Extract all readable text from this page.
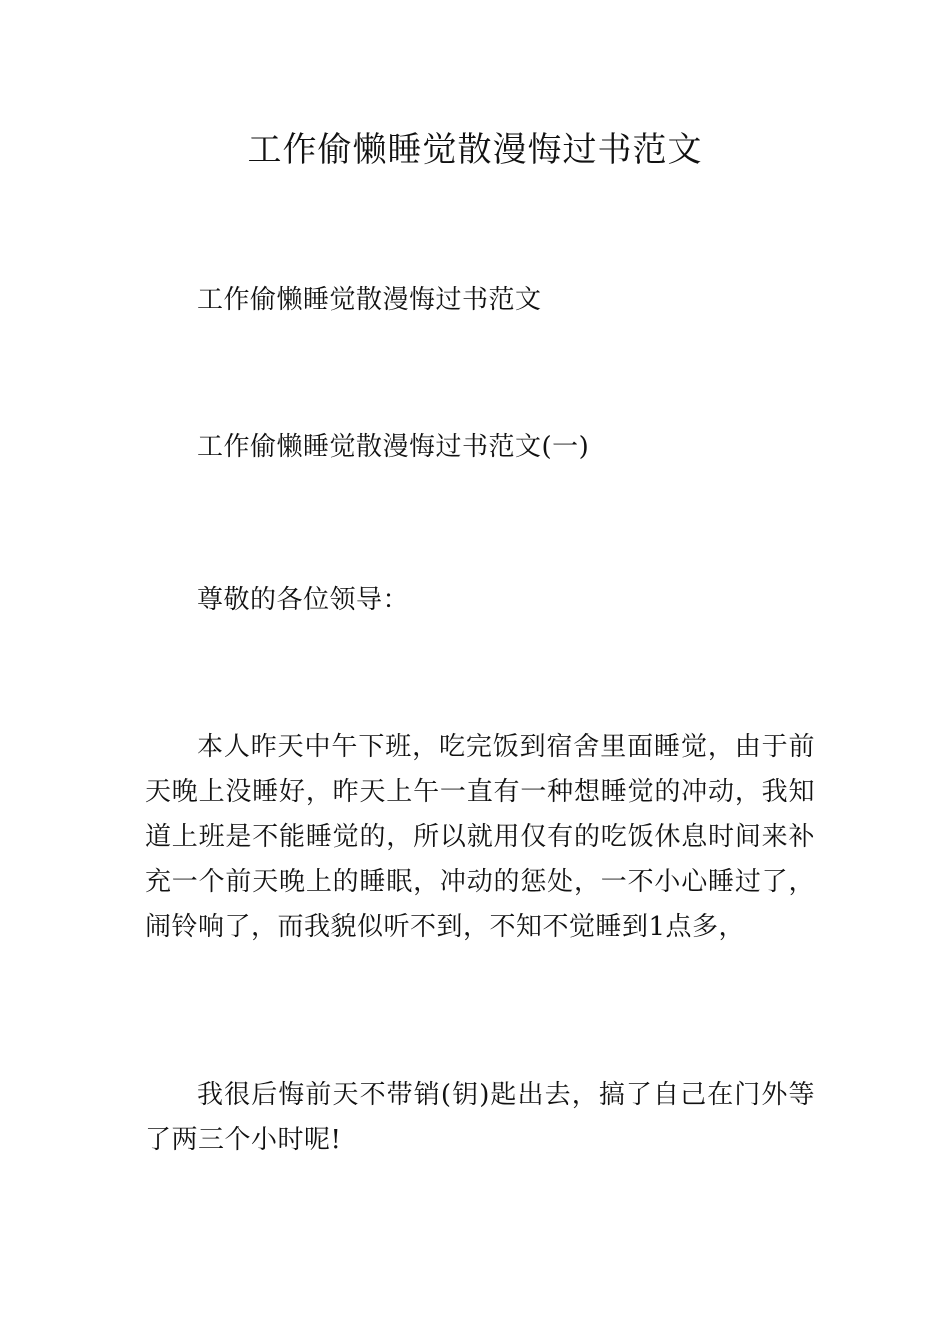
工作偷懒睡觉散漫悔过书范文

工作偷懒睡觉散漫悔过书范文

工作偷懒睡觉散漫悔过书范文(一)

尊敬的各位领导：

本人昨天中午下班，吃完饭到宿舍里面睡觉，由于前天晚上没睡好，昨天上午一直有一种想睡觉的冲动，我知道上班是不能睡觉的，所以就用仅有的吃饭休息时间来补充一个前天晚上的睡眠，冲动的惩处，一不小心睡过了，闹铃响了，而我貌似听不到，不知不觉睡到1点多，

我很后悔前天不带销(钥)匙出去，搞了自己在门外等了两三个小时呢!
